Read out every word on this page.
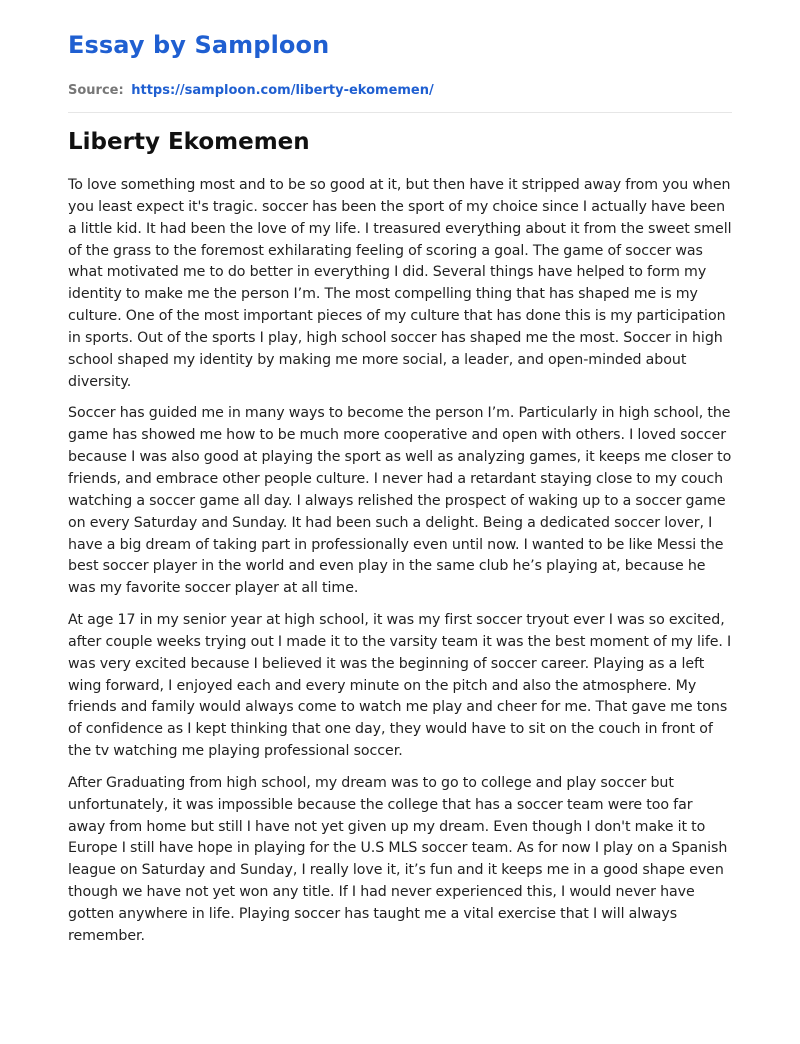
Essay by Samploon
Source: https://samploon.com/liberty-ekomemen/
Liberty Ekomemen

To love something most and to be so good at it, but then have it stripped away from you when you least expect it's tragic. soccer has been the sport of my choice since I actually have been a little kid. It had been the love of my life. I treasured everything about it from the sweet smell of the grass to the foremost exhilarating feeling of scoring a goal. The game of soccer was what motivated me to do better in everything I did. Several things have helped to form my identity to make me the person I’m. The most compelling thing that has shaped me is my culture. One of the most important pieces of my culture that has done this is my participation in sports. Out of the sports I play, high school soccer has shaped me the most. Soccer in high school shaped my identity by making me more social, a leader, and open-minded about diversity.

Soccer has guided me in many ways to become the person I’m. Particularly in high school, the game has showed me how to be much more cooperative and open with others. I loved soccer because I was also good at playing the sport as well as analyzing games, it keeps me closer to friends, and embrace other people culture. I never had a retardant staying close to my couch watching a soccer game all day. I always relished the prospect of waking up to a soccer game on every Saturday and Sunday. It had been such a delight. Being a dedicated soccer lover, I have a big dream of taking part in professionally even until now. I wanted to be like Messi the best soccer player in the world and even play in the same club he’s playing at, because he was my favorite soccer player at all time.

At age 17 in my senior year at high school, it was my first soccer tryout ever I was so excited, after couple weeks trying out I made it to the varsity team it was the best moment of my life. I was very excited because I believed it was the beginning of soccer career. Playing as a left wing forward, I enjoyed each and every minute on the pitch and also the atmosphere. My friends and family would always come to watch me play and cheer for me. That gave me tons of confidence as I kept thinking that one day, they would have to sit on the couch in front of the tv watching me playing professional soccer.

After Graduating from high school, my dream was to go to college and play soccer but unfortunately, it was impossible because the college that has a soccer team were too far away from home but still I have not yet given up my dream. Even though I don't make it to Europe I still have hope in playing for the U.S MLS soccer team. As for now I play on a Spanish league on Saturday and Sunday, I really love it, it’s fun and it keeps me in a good shape even though we have not yet won any title. If I had never experienced this, I would never have gotten anywhere in life. Playing soccer has taught me a vital exercise that I will always remember.
